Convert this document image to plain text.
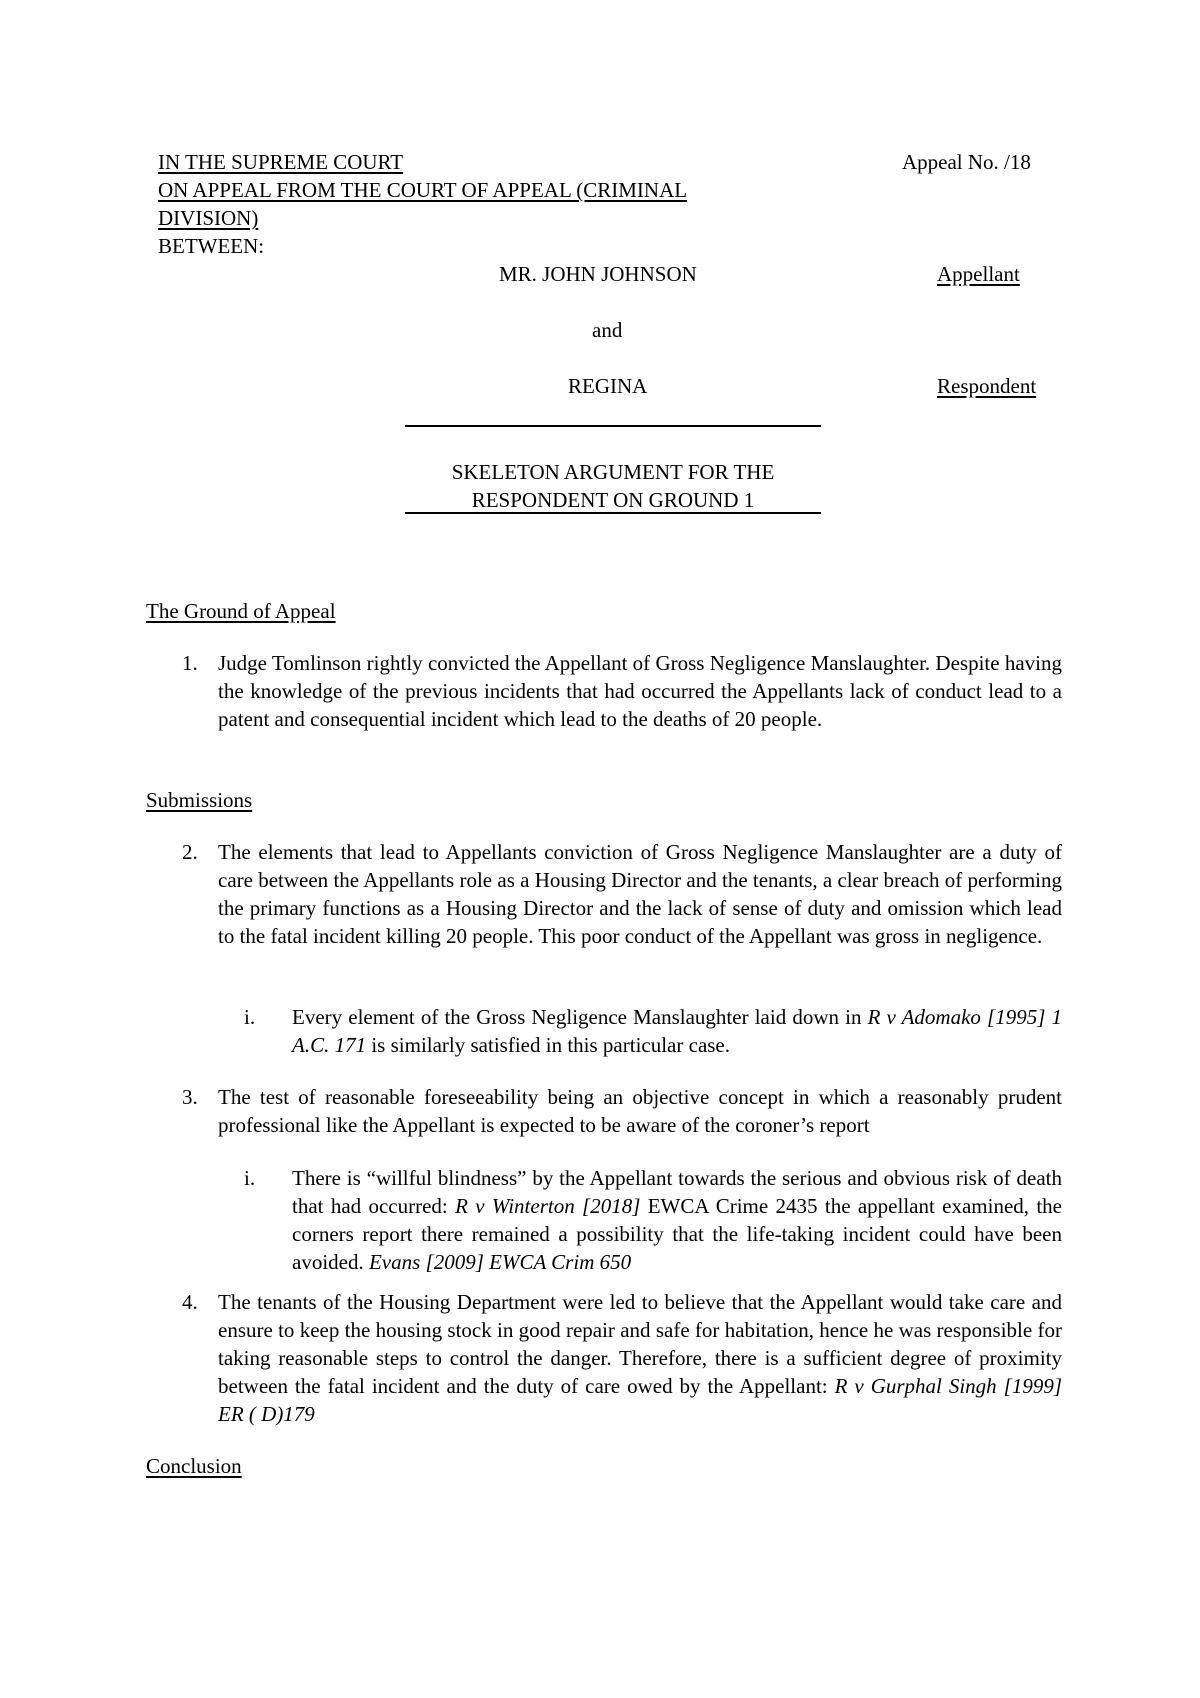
IN THE SUPREME COURT
ON APPEAL FROM THE COURT OF APPEAL (CRIMINAL
DIVISION)
Appeal No. /18
BETWEEN:
MR. JOHN JOHNSON	Appellant
and
REGINA	Respondent
SKELETON ARGUMENT FOR THE
RESPONDENT ON GROUND 1
The Ground of Appeal
1. Judge Tomlinson rightly convicted the Appellant of Gross Negligence Manslaughter. Despite having the knowledge of the previous incidents that had occurred the Appellants lack of conduct lead to a patent and consequential incident which lead to the deaths of 20 people.
Submissions
2. The elements that lead to Appellants conviction of Gross Negligence Manslaughter are a duty of care between the Appellants role as a Housing Director and the tenants, a clear breach of performing the primary functions as a Housing Director and the lack of sense of duty and omission which lead to the fatal incident killing 20 people. This poor conduct of the Appellant was gross in negligence.
i. Every element of the Gross Negligence Manslaughter laid down in R v Adomako [1995] 1 A.C. 171 is similarly satisfied in this particular case.
3. The test of reasonable foreseeability being an objective concept in which a reasonably prudent professional like the Appellant is expected to be aware of the coroner’s report
i. There is “willful blindness” by the Appellant towards the serious and obvious risk of death that had occurred: R v Winterton [2018] EWCA Crime 2435 the appellant examined, the corners report there remained a possibility that the life-taking incident could have been avoided. Evans [2009] EWCA Crim 650
4. The tenants of the Housing Department were led to believe that the Appellant would take care and ensure to keep the housing stock in good repair and safe for habitation, hence he was responsible for taking reasonable steps to control the danger. Therefore, there is a sufficient degree of proximity between the fatal incident and the duty of care owed by the Appellant: R v Gurphal Singh [1999] ER ( D)179
Conclusion
